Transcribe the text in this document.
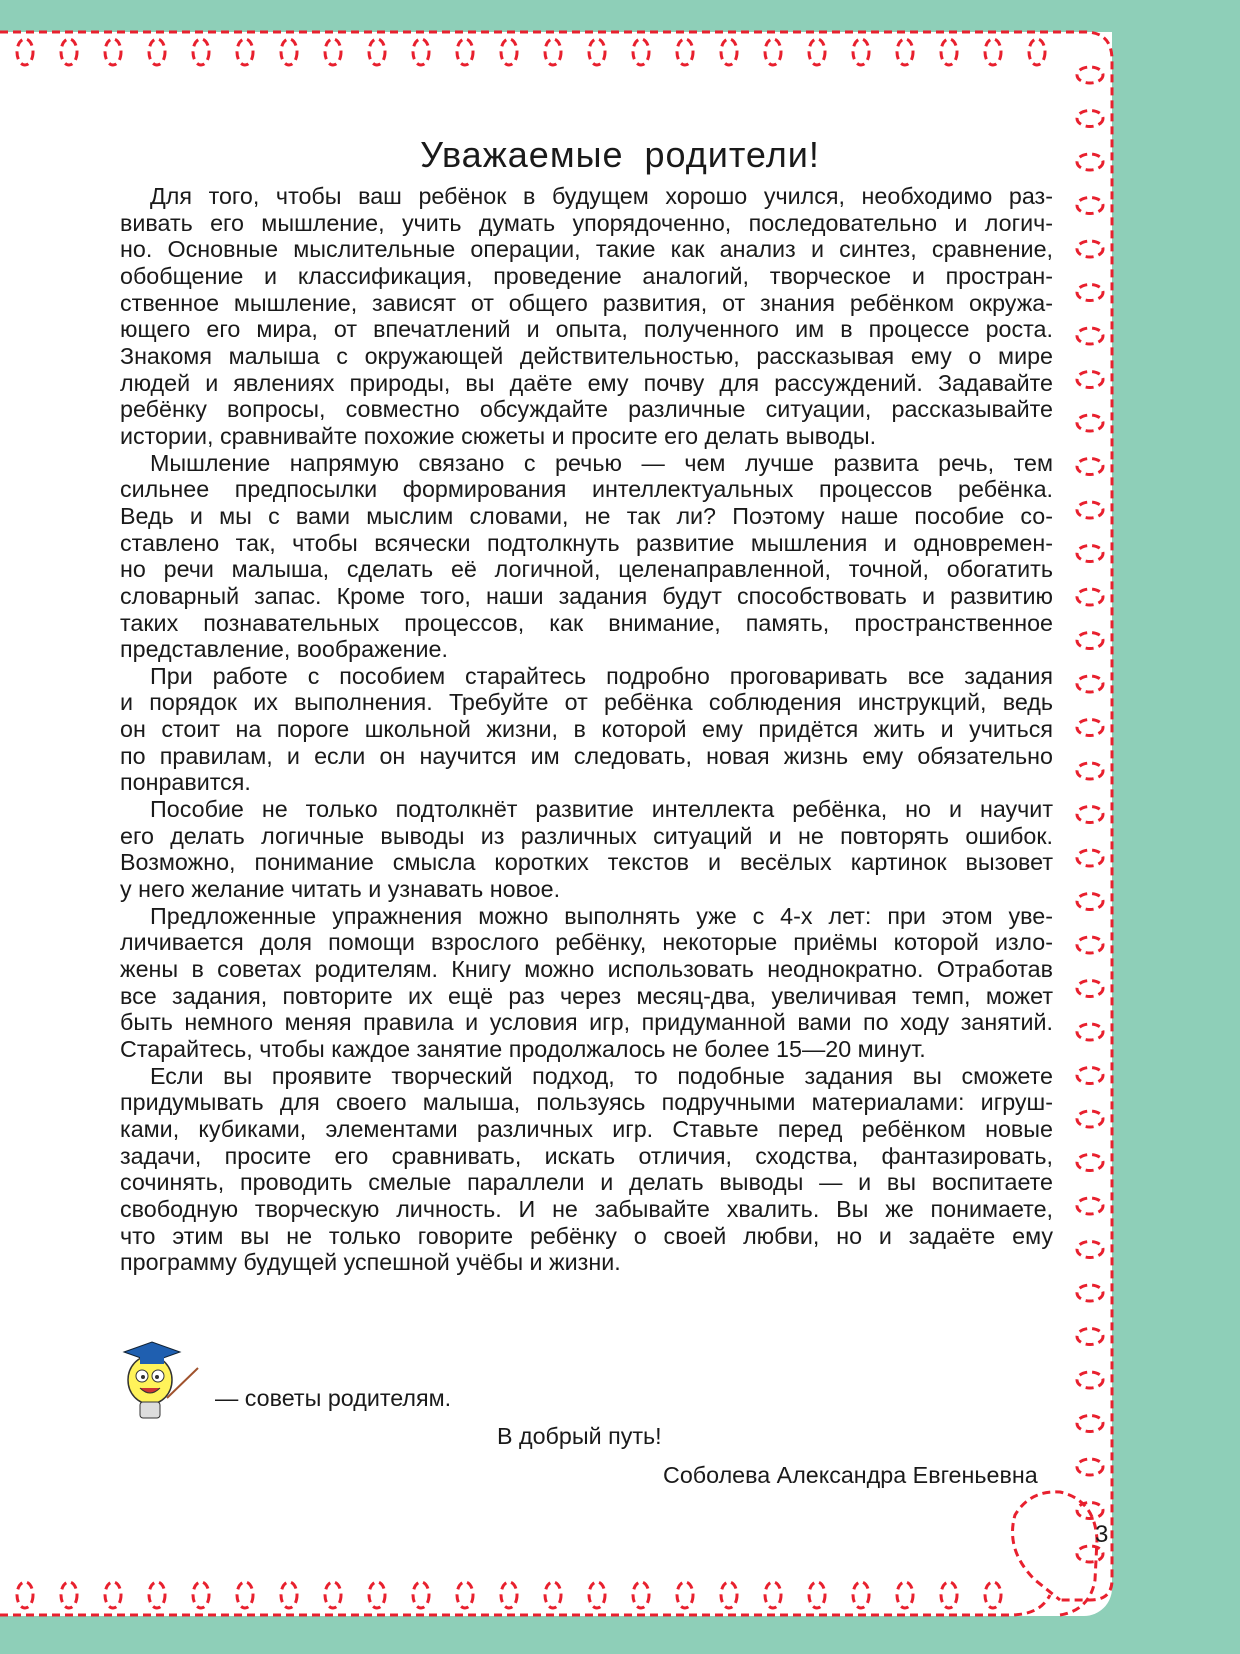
Уважаемые родители!
Для того, чтобы ваш ребёнок в будущем хорошо учился, необходимо раз-
вивать его мышление, учить думать упорядоченно, последовательно и логич-
но. Основные мыслительные операции, такие как анализ и синтез, сравнение,
обобщение и классификация, проведение аналогий, творческое и простран-
ственное мышление, зависят от общего развития, от знания ребёнком окружа-
ющего его мира, от впечатлений и опыта, полученного им в процессе роста.
Знакомя малыша с окружающей действительностью, рассказывая ему о мире
людей и явлениях природы, вы даёте ему почву для рассуждений. Задавайте
ребёнку вопросы, совместно обсуждайте различные ситуации, рассказывайте
истории, сравнивайте похожие сюжеты и просите его делать выводы.
Мышление напрямую связано с речью — чем лучше развита речь, тем
сильнее предпосылки формирования интеллектуальных процессов ребёнка.
Ведь и мы с вами мыслим словами, не так ли? Поэтому наше пособие со-
ставлено так, чтобы всячески подтолкнуть развитие мышления и одновремен-
но речи малыша, сделать её логичной, целенаправленной, точной, обогатить
словарный запас. Кроме того, наши задания будут способствовать и развитию
таких познавательных процессов, как внимание, память, пространственное
представление, воображение.
При работе с пособием старайтесь подробно проговаривать все задания
и порядок их выполнения. Требуйте от ребёнка соблюдения инструкций, ведь
он стоит на пороге школьной жизни, в которой ему придётся жить и учиться
по правилам, и если он научится им следовать, новая жизнь ему обязательно
понравится.
Пособие не только подтолкнёт развитие интеллекта ребёнка, но и научит
его делать логичные выводы из различных ситуаций и не повторять ошибок.
Возможно, понимание смысла коротких текстов и весёлых картинок вызовет
у него желание читать и узнавать новое.
Предложенные упражнения можно выполнять уже с 4-х лет: при этом уве-
личивается доля помощи взрослого ребёнку, некоторые приёмы которой изло-
жены в советах родителям. Книгу можно использовать неоднократно. Отработав
все задания, повторите их ещё раз через месяц-два, увеличивая темп, может
быть немного меняя правила и условия игр, придуманной вами по ходу занятий.
Старайтесь, чтобы каждое занятие продолжалось не более 15—20 минут.
Если вы проявите творческий подход, то подобные задания вы сможете
придумывать для своего малыша, пользуясь подручными материалами: игруш-
ками, кубиками, элементами различных игр. Ставьте перед ребёнком новые
задачи, просите его сравнивать, искать отличия, сходства, фантазировать,
сочинять, проводить смелые параллели и делать выводы — и вы воспитаете
свободную творческую личность. И не забывайте хвалить. Вы же понимаете,
что этим вы не только говорите ребёнку о своей любви, но и задаёте ему
программу будущей успешной учёбы и жизни.
— советы родителям.
В добрый путь!
Соболева Александра Евгеньевна
3
